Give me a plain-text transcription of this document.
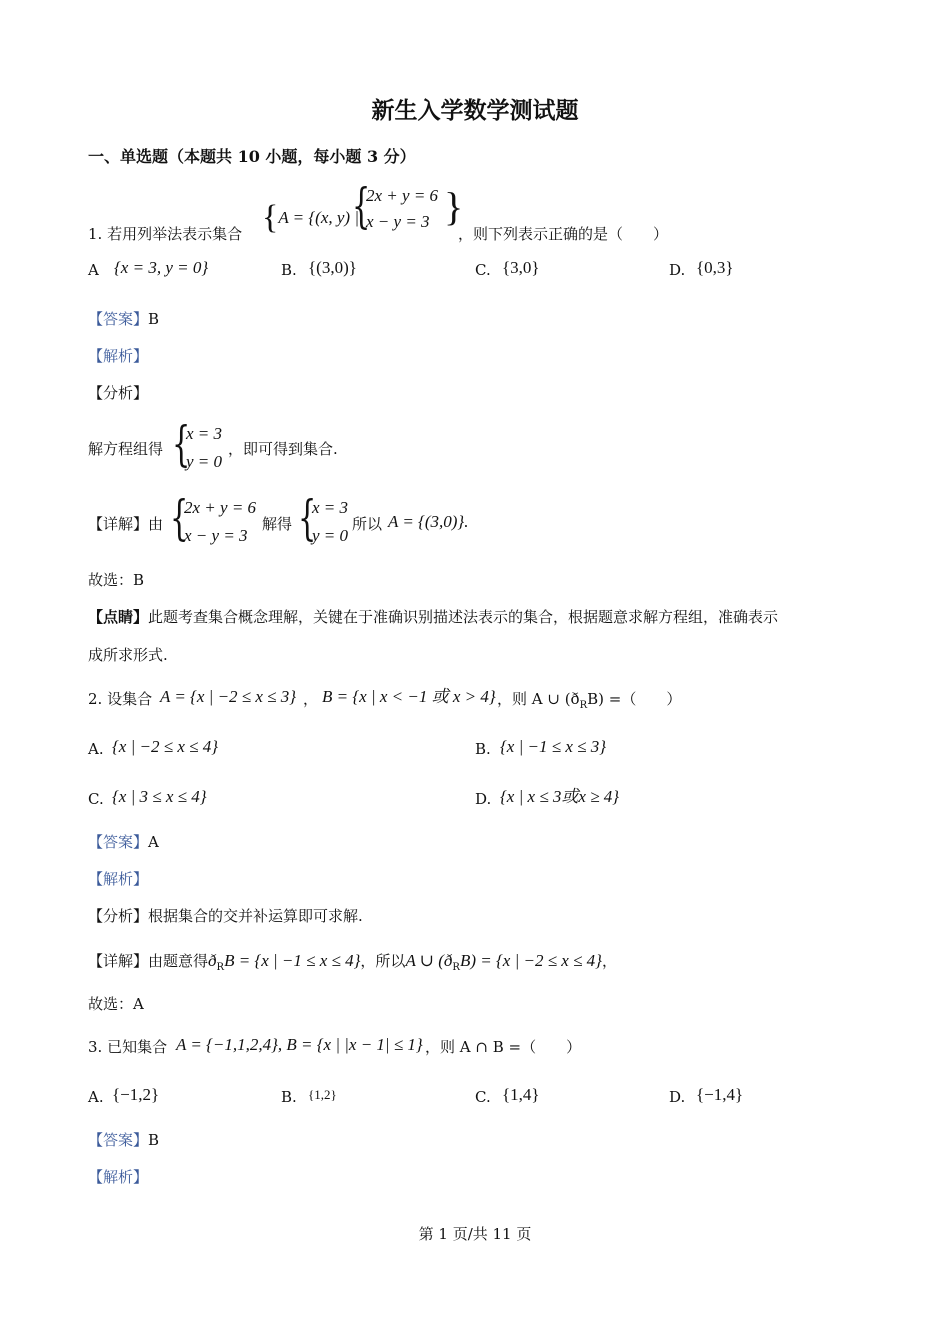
新生入学数学测试题
一、单选题（本题共 10 小题，每小题 3 分）
1. 若用列举法表示集合 {A = {(x, y) |
{
2x + y = 6
x − y = 3 }
，则下列表示正确的是（　　）
A {x = 3, y = 0}	B. {(3,0)}	C. {3,0}	D. {0,3}
【答案】B
【解析】
【分析】
解方程组得 {
x = 3
y = 0
，即可得到集合.
【详解】由 {
2x + y = 6
x − y = 3
解得 {
x = 3
y = 0
所以 A = {(3,0)}.
故选：B
【点睛】此题考查集合概念理解，关键在于准确识别描述法表示的集合，根据题意求解方程组，准确表示
成所求形式.
2. 设集合 A = {x | −2 ≤ x ≤ 3} ， B = {x | x < −1 或 x > 4} ，则 A ∪ $(ð_RB)$ =（　　）
A. {x | −2 ≤ x ≤ 4}	B. {x | −1 ≤ x ≤ 3}
C. {x | 3 ≤ x ≤ 4}	D. {x | x ≤ 3或x ≥ 4}
【答案】A
【解析】
【分析】根据集合的交并补运算即可求解.
【详解】由题意得$ð_RB = \{x$ | −1 ≤ x ≤ 4}，所以A ∪ $(ð_RB) = \{x$ | −2 ≤ x ≤ 4}，
故选：A
3. 已知集合 A = {−1,1,2,4}, B = {x | |x − 1| ≤ 1} ，则 A ∩ B =（　　）
A. {−1,2}	B. {1,2}	C. {1,4}	D. {−1,4}
【答案】B
【解析】
第 1 页/共 11 页
